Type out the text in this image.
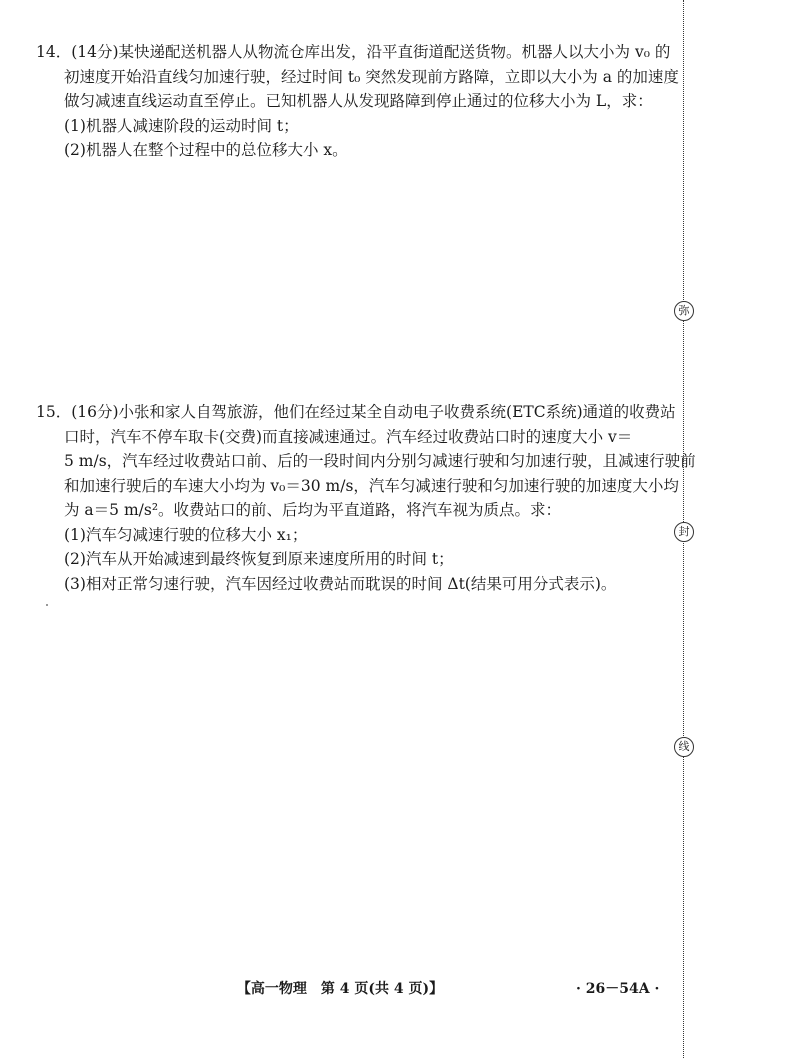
14．(14分)某快递配送机器人从物流仓库出发，沿平直街道配送货物。机器人以大小为 v₀ 的
初速度开始沿直线匀加速行驶，经过时间 t₀ 突然发现前方路障，立即以大小为 a 的加速度
做匀减速直线运动直至停止。已知机器人从发现路障到停止通过的位移大小为 L，求：
(1)机器人减速阶段的运动时间 t；
(2)机器人在整个过程中的总位移大小 x。
15．(16分)小张和家人自驾旅游，他们在经过某全自动电子收费系统(ETC系统)通道的收费站
口时，汽车不停车取卡(交费)而直接减速通过。汽车经过收费站口时的速度大小 v＝
5 m/s，汽车经过收费站口前、后的一段时间内分别匀减速行驶和匀加速行驶，且减速行驶前
和加速行驶后的车速大小均为 v₀＝30 m/s，汽车匀减速行驶和匀加速行驶的加速度大小均
为 a＝5 m/s²。收费站口的前、后均为平直道路，将汽车视为质点。求：
(1)汽车匀减速行驶的位移大小 x₁；
(2)汽车从开始减速到最终恢复到原来速度所用的时间 t；
(3)相对正常匀速行驶，汽车因经过收费站而耽误的时间 Δt(结果可用分式表示)。
【高一物理　第 4 页(共 4 页)】	· 26－54A ·
弥
封
线
